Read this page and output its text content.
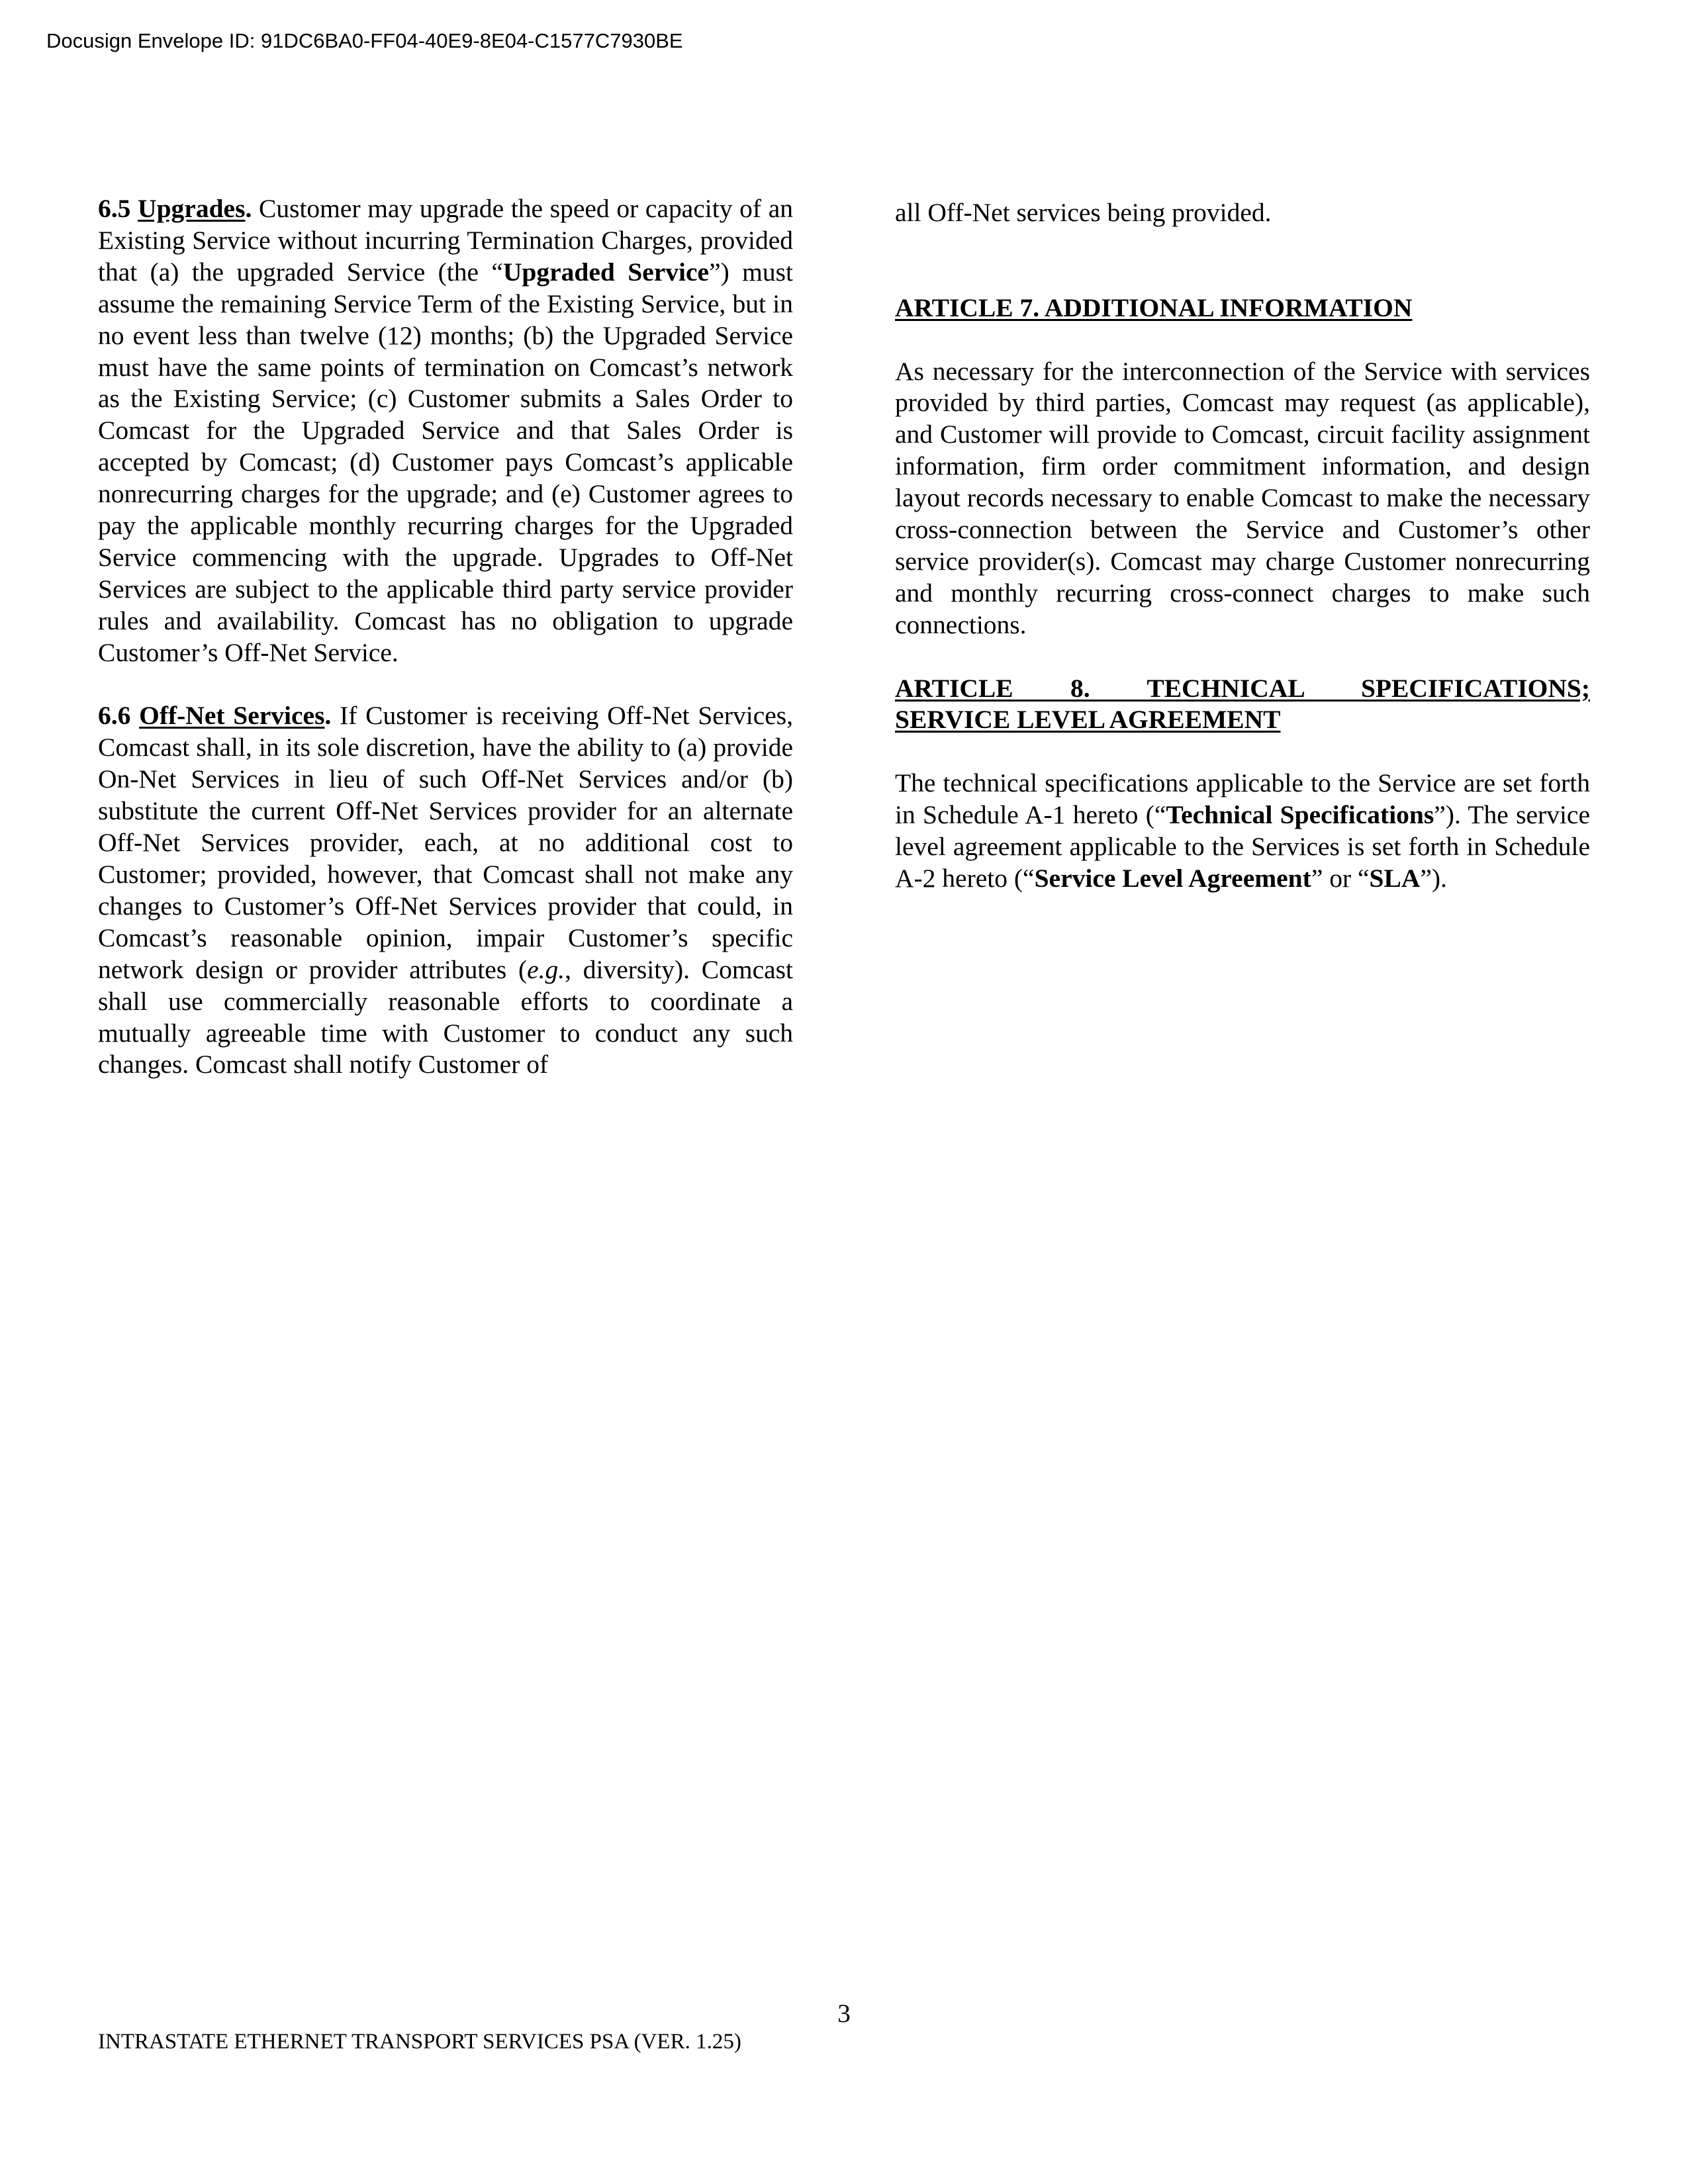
Docusign Envelope ID: 91DC6BA0-FF04-40E9-8E04-C1577C7930BE

6.5 Upgrades. Customer may upgrade the speed or capacity of an Existing Service without incurring Termination Charges, provided that (a) the upgraded Service (the “Upgraded Service”) must assume the remaining Service Term of the Existing Service, but in no event less than twelve (12) months; (b) the Upgraded Service must have the same points of termination on Comcast’s network as the Existing Service; (c) Customer submits a Sales Order to Comcast for the Upgraded Service and that Sales Order is accepted by Comcast; (d) Customer pays Comcast’s applicable nonrecurring charges for the upgrade; and (e) Customer agrees to pay the applicable monthly recurring charges for the Upgraded Service commencing with the upgrade. Upgrades to Off-Net Services are subject to the applicable third party service provider rules and availability. Comcast has no obligation to upgrade Customer’s Off-Net Service.

6.6 Off-Net Services. If Customer is receiving Off-Net Services, Comcast shall, in its sole discretion, have the ability to (a) provide On-Net Services in lieu of such Off-Net Services and/or (b) substitute the current Off-Net Services provider for an alternate Off-Net Services provider, each, at no additional cost to Customer; provided, however, that Comcast shall not make any changes to Customer’s Off-Net Services provider that could, in Comcast’s reasonable opinion, impair Customer’s specific network design or provider attributes (e.g., diversity). Comcast shall use commercially reasonable efforts to coordinate a mutually agreeable time with Customer to conduct any such changes. Comcast shall notify Customer of

all Off-Net services being provided.

ARTICLE 7. ADDITIONAL INFORMATION

As necessary for the interconnection of the Service with services provided by third parties, Comcast may request (as applicable), and Customer will provide to Comcast, circuit facility assignment information, firm order commitment information, and design layout records necessary to enable Comcast to make the necessary cross-connection between the Service and Customer’s other service provider(s). Comcast may charge Customer nonrecurring and monthly recurring cross-connect charges to make such connections.

ARTICLE 8. TECHNICAL SPECIFICATIONS;
SERVICE LEVEL AGREEMENT

The technical specifications applicable to the Service are set forth in Schedule A-1 hereto (“Technical Specifications”). The service level agreement applicable to the Services is set forth in Schedule A-2 hereto (“Service Level Agreement” or “SLA”).

3
INTRASTATE ETHERNET TRANSPORT SERVICES PSA (VER. 1.25)
